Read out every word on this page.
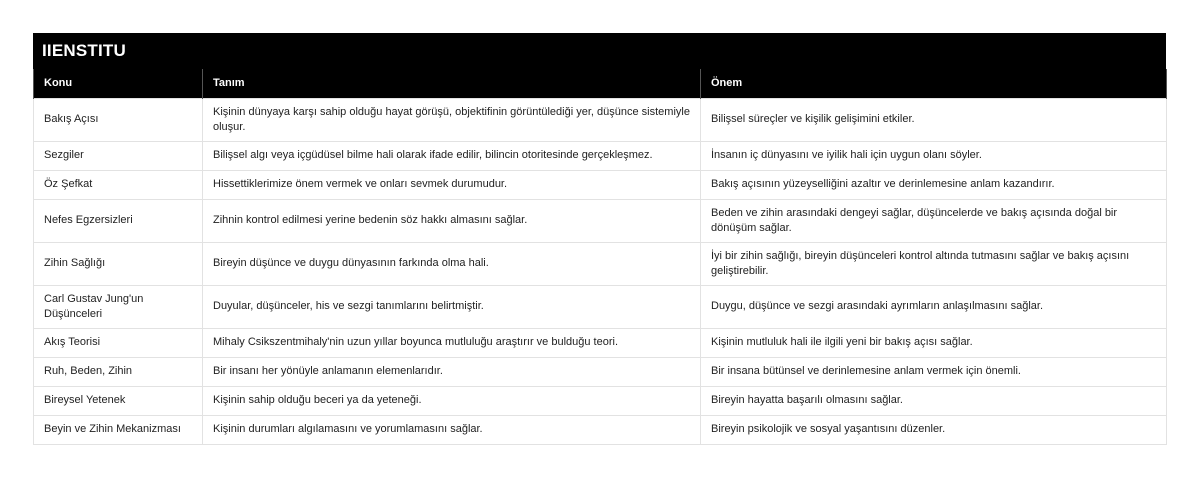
IIENSTITU
Konu	Tanım	Önem
Bakış Açısı	Kişinin dünyaya karşı sahip olduğu hayat görüşü, objektifinin görüntülediği yer, düşünce sistemiyle oluşur.	Bilişsel süreçler ve kişilik gelişimini etkiler.
Sezgiler	Bilişsel algı veya içgüdüsel bilme hali olarak ifade edilir, bilincin otoritesinde gerçekleşmez.	İnsanın iç dünyasını ve iyilik hali için uygun olanı söyler.
Öz Şefkat	Hissettiklerimize önem vermek ve onları sevmek durumudur.	Bakış açısının yüzeyselliğini azaltır ve derinlemesine anlam kazandırır.
Nefes Egzersizleri	Zihnin kontrol edilmesi yerine bedenin söz hakkı almasını sağlar.	Beden ve zihin arasındaki dengeyi sağlar, düşüncelerde ve bakış açısında doğal bir dönüşüm sağlar.
Zihin Sağlığı	Bireyin düşünce ve duygu dünyasının farkında olma hali.	İyi bir zihin sağlığı, bireyin düşünceleri kontrol altında tutmasını sağlar ve bakış açısını geliştirebilir.
Carl Gustav Jung'un Düşünceleri	Duyular, düşünceler, his ve sezgi tanımlarını belirtmiştir.	Duygu, düşünce ve sezgi arasındaki ayrımların anlaşılmasını sağlar.
Akış Teorisi	Mihaly Csikszentmihaly'nin uzun yıllar boyunca mutluluğu araştırır ve bulduğu teori.	Kişinin mutluluk hali ile ilgili yeni bir bakış açısı sağlar.
Ruh, Beden, Zihin	Bir insanı her yönüyle anlamanın elemenlarıdır.	Bir insana bütünsel ve derinlemesine anlam vermek için önemli.
Bireysel Yetenek	Kişinin sahip olduğu beceri ya da yeteneği.	Bireyin hayatta başarılı olmasını sağlar.
Beyin ve Zihin Mekanizması	Kişinin durumları algılamasını ve yorumlamasını sağlar.	Bireyin psikolojik ve sosyal yaşantısını düzenler.
